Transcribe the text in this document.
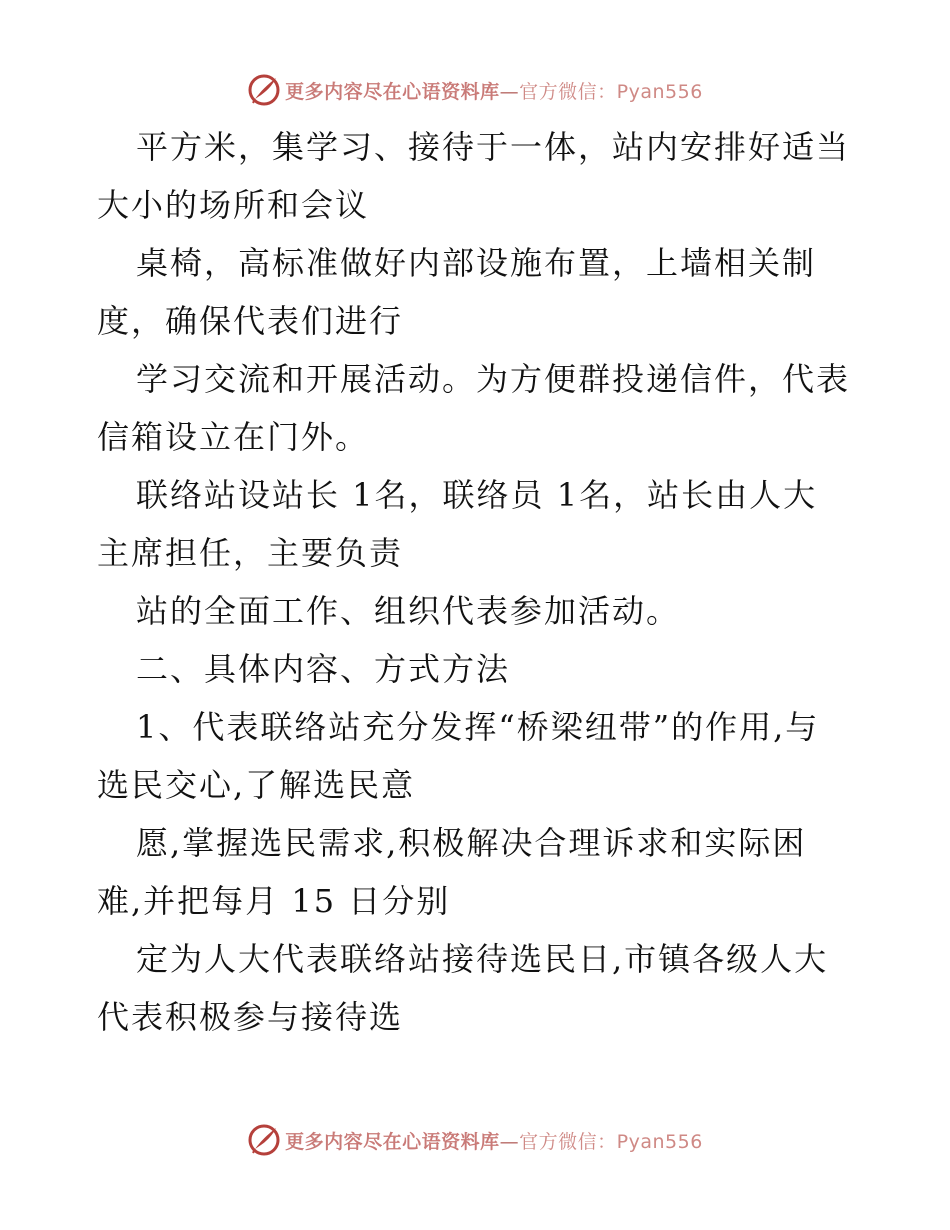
更多内容尽在心语资料库—官方微信：Pyan556
平方米，集学习、接待于一体，站内安排好适当
大小的场所和会议
桌椅，高标准做好内部设施布置，上墙相关制
度，确保代表们进行
学习交流和开展活动。为方便群投递信件，代表
信箱设立在门外。
联络站设站长 1名，联络员 1名，站长由人大
主席担任，主要负责
站的全面工作、组织代表参加活动。
二、具体内容、方式方法
1、代表联络站充分发挥“桥梁纽带”的作用,与
选民交心,了解选民意
愿,掌握选民需求,积极解决合理诉求和实际困
难,并把每月 15 日分别
定为人大代表联络站接待选民日,市镇各级人大
代表积极参与接待选
更多内容尽在心语资料库—官方微信：Pyan556
